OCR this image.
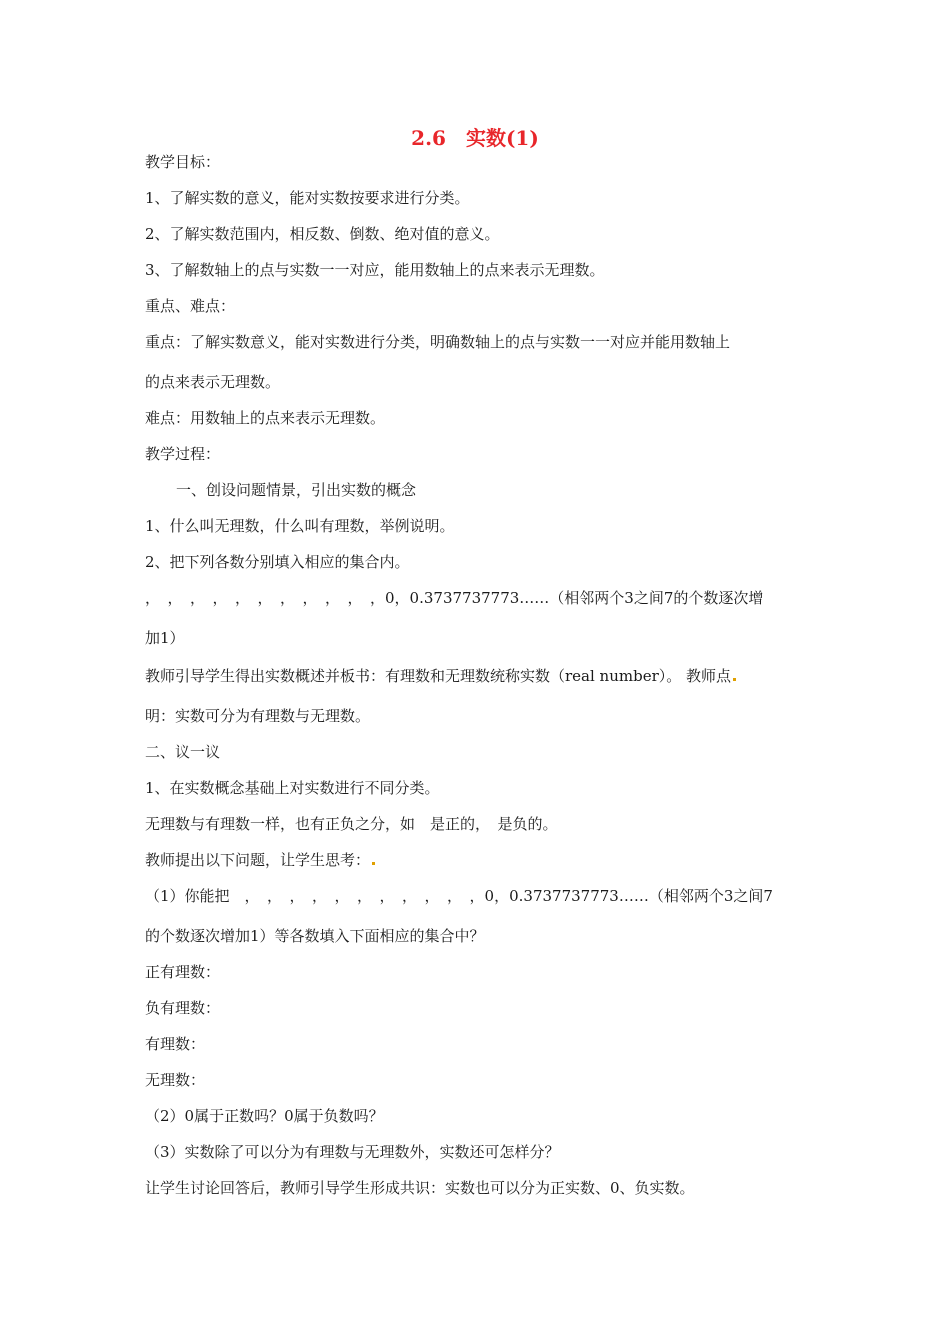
2.6　实数(1)
教学目标：
1、了解实数的意义，能对实数按要求进行分类。
2、了解实数范围内，相反数、倒数、绝对值的意义。
3、了解数轴上的点与实数一一对应，能用数轴上的点来表示无理数。
重点、难点：
重点：了解实数意义，能对实数进行分类，明确数轴上的点与实数一一对应并能用数轴上
的点来表示无理数。
难点：用数轴上的点来表示无理数。
教学过程：
一、创设问题情景，引出实数的概念
1、什么叫无理数，什么叫有理数，举例说明。
2、把下列各数分别填入相应的集合内。
，　，　，　，　，　，　，　，　，　，　，0，0.3737737773……（相邻两个3之间7的个数逐次增
加1）
教师引导学生得出实数概述并板书：有理数和无理数统称实数（real number）。 教师点
明：实数可分为有理数与无理数。
二、议一议
1、在实数概念基础上对实数进行不同分类。
无理数与有理数一样，也有正负之分，如　是正的，　是负的。
教师提出以下问题，让学生思考：
（1）你能把　，　，　，　，　，　，　，　，　，　，　，0，0.3737737773……（相邻两个3之间7
的个数逐次增加1）等各数填入下面相应的集合中？
正有理数：
负有理数：
有理数：
无理数：
（2）0属于正数吗？0属于负数吗？
（3）实数除了可以分为有理数与无理数外，实数还可怎样分？
让学生讨论回答后，教师引导学生形成共识：实数也可以分为正实数、0、负实数。
